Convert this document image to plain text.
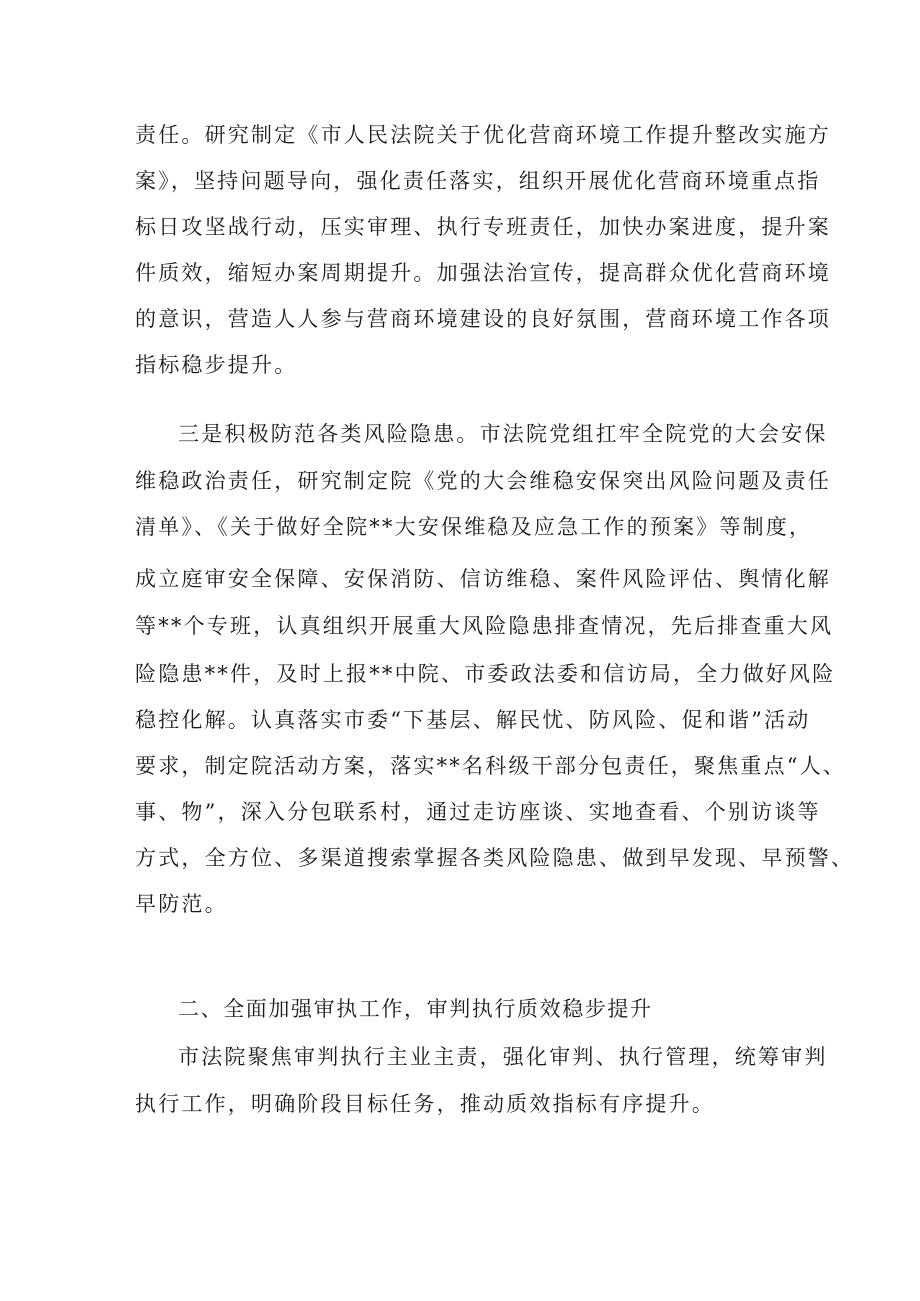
责任。研究制定《市人民法院关于优化营商环境工作提升整改实施方
案》，坚持问题导向，强化责任落实，组织开展优化营商环境重点指
标日攻坚战行动，压实审理、执行专班责任，加快办案进度，提升案
件质效，缩短办案周期提升。加强法治宣传，提高群众优化营商环境
的意识，营造人人参与营商环境建设的良好氛围，营商环境工作各项
指标稳步提升。
三是积极防范各类风险隐患。市法院党组扛牢全院党的大会安保
维稳政治责任，研究制定院《党的大会维稳安保突出风险问题及责任
清单》、《关于做好全院**大安保维稳及应急工作的预案》等制度，
成立庭审安全保障、安保消防、信访维稳、案件风险评估、舆情化解
等**个专班，认真组织开展重大风险隐患排查情况，先后排查重大风
险隐患**件，及时上报**中院、市委政法委和信访局，全力做好风险
稳控化解。认真落实市委“下基层、解民忧、防风险、促和谐”活动
要求，制定院活动方案，落实**名科级干部分包责任，聚焦重点“人、
事、物”，深入分包联系村，通过走访座谈、实地查看、个别访谈等
方式，全方位、多渠道搜索掌握各类风险隐患、做到早发现、早预警、
早防范。
二、全面加强审执工作，审判执行质效稳步提升
市法院聚焦审判执行主业主责，强化审判、执行管理，统筹审判
执行工作，明确阶段目标任务，推动质效指标有序提升。
